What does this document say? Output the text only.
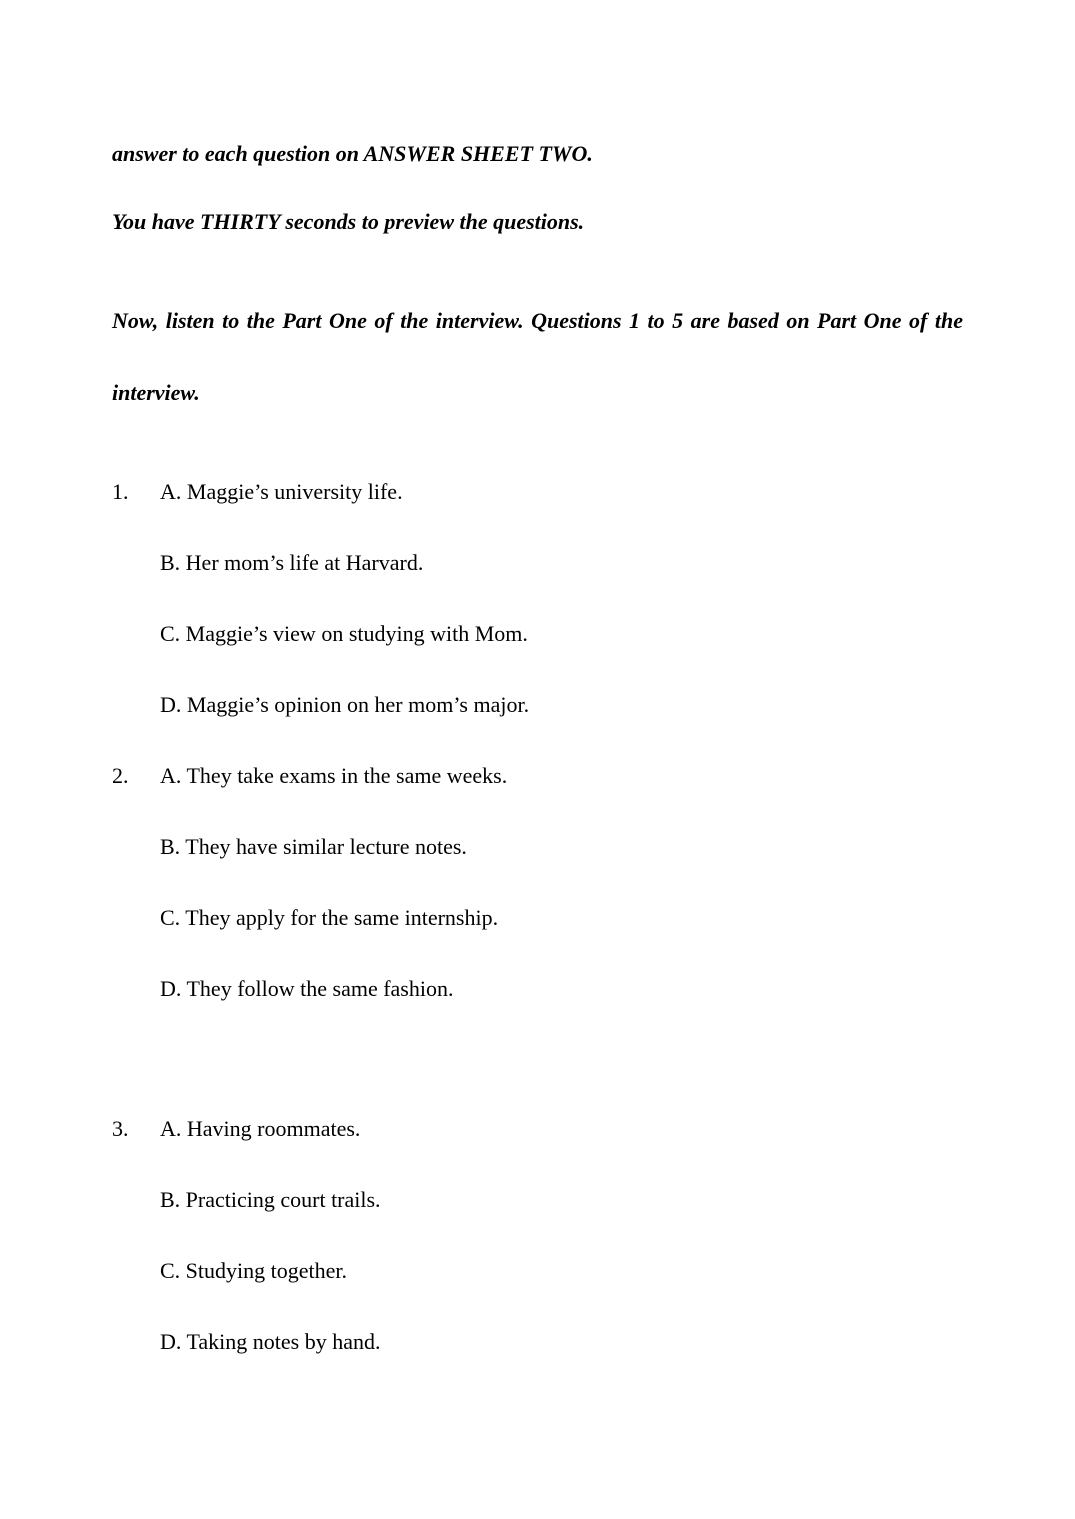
answer to each question on ANSWER SHEET TWO.
You have THIRTY seconds to preview the questions.
Now, listen to the Part One of the interview. Questions 1 to 5 are based on Part One of the
interview.
1.	A. Maggie’s university life.
B. Her mom’s life at Harvard.
C. Maggie’s view on studying with Mom.
D. Maggie’s opinion on her mom’s major.
2.	A. They take exams in the same weeks.
B. They have similar lecture notes.
C. They apply for the same internship.
D. They follow the same fashion.
3.	A. Having roommates.
B. Practicing court trails.
C. Studying together.
D. Taking notes by hand.
